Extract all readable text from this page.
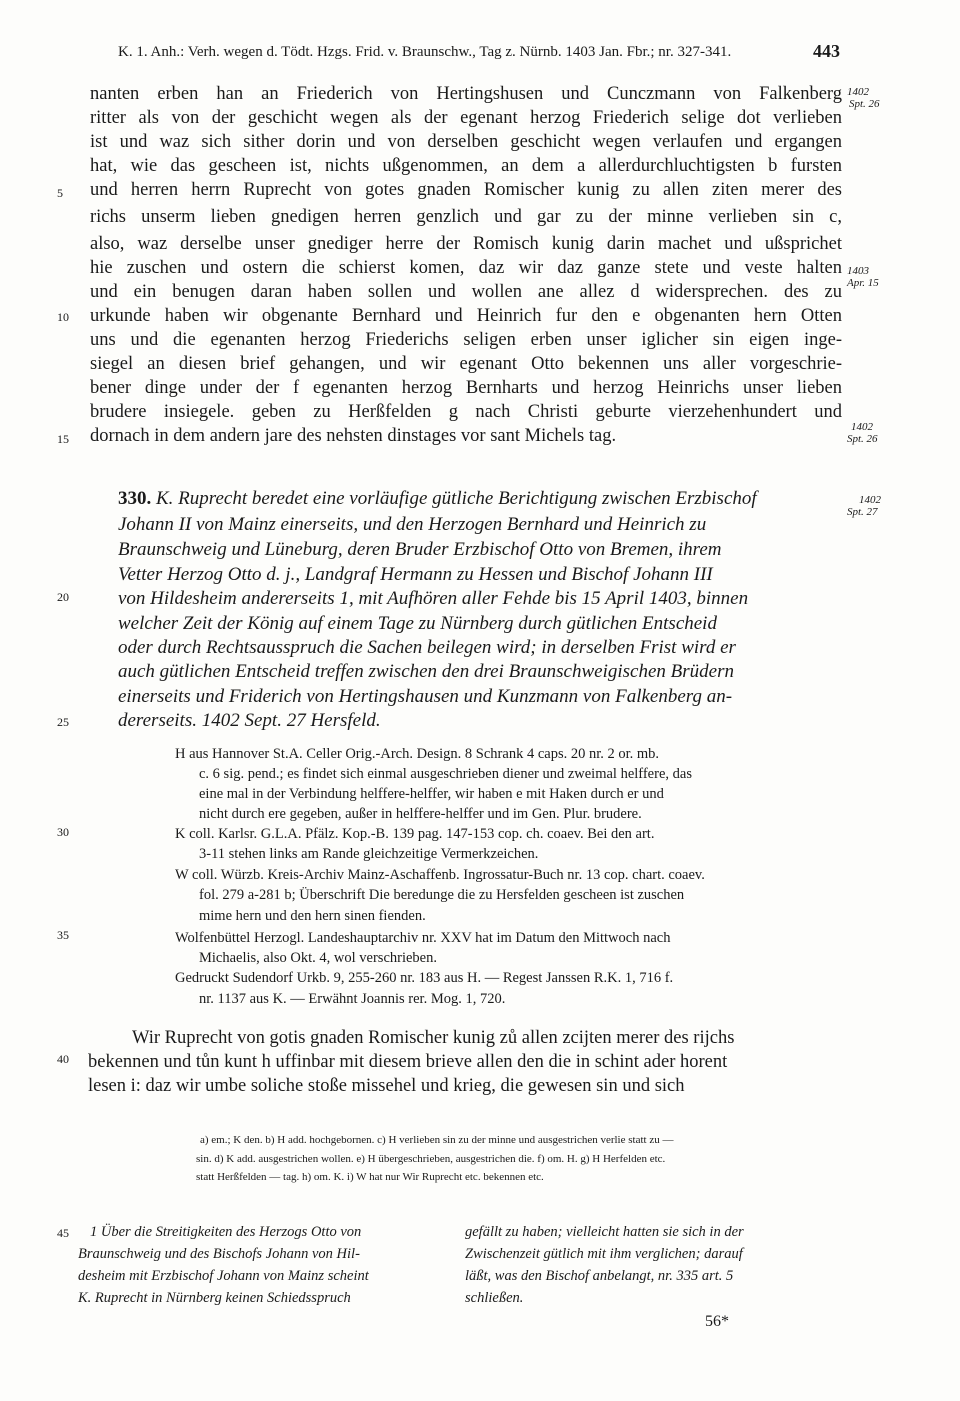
K. 1. Anh.: Verh. wegen d. Tödt. Hzgs. Frid. v. Braunschw., Tag z. Nürnb. 1403 Jan. Fbr.; nr. 327-341.	443
nanten erben han an Friederich von Hertingshusen und Cunczmann von Falkenberg
ritter als von der geschicht wegen als der egenant herzog Friederich selige dot verlieben
ist und waz sich sither dorin und von derselben geschicht wegen verlaufen und ergangen
hat, wie das gescheen ist, nichts ußgenommen, an dem a allerdurchluchtigsten b fursten
und herren herrn Ruprecht von gotes gnaden Romischer kunig zu allen ziten merer des
richs unserm lieben gnedigen herren genzlich und gar zu der minne verlieben sin c,
also, waz derselbe unser gnediger herre der Romisch kunig darin machet und ußsprichet
hie zuschen und ostern die schierst komen, daz wir daz ganze stete und veste halten
und ein benugen daran haben sollen und wollen ane allez d widersprechen. des zu
urkunde haben wir obgenante Bernhard und Heinrich fur den e obgenanten hern Otten
uns und die egenanten herzog Friederichs seligen erben unser iglicher sin eigen inge-
siegel an diesen brief gehangen, und wir egenant Otto bekennen uns aller vorgeschrie-
bener dinge under der f egenanten herzog Bernharts und herzog Heinrichs unser lieben
brudere insiegele. geben zu Herßfelden g nach Christi geburte vierzehenhundert und
dornach in dem andern jare des nehsten dinstages vor sant Michels tag.
5
10
15
20
25
30
35
40
45
1402
Spt. 26
1403
Apr. 15
1402
Spt. 26
1402
Spt. 27
330. K. Ruprecht beredet eine vorläufige gütliche Berichtigung zwischen Erzbischof
Johann II von Mainz einerseits, und den Herzogen Bernhard und Heinrich zu
Braunschweig und Lüneburg, deren Bruder Erzbischof Otto von Bremen, ihrem
Vetter Herzog Otto d. j., Landgraf Hermann zu Hessen und Bischof Johann III
von Hildesheim andererseits 1, mit Aufhören aller Fehde bis 15 April 1403, binnen
welcher Zeit der König auf einem Tage zu Nürnberg durch gütlichen Entscheid
oder durch Rechtsausspruch die Sachen beilegen wird; in derselben Frist wird er
auch gütlichen Entscheid treffen zwischen den drei Braunschweigischen Brüdern
einerseits und Friderich von Hertingshausen und Kunzmann von Falkenberg an-
dererseits. 1402 Sept. 27 Hersfeld.
H aus Hannover St.A. Celler Orig.-Arch. Design. 8 Schrank 4 caps. 20 nr. 2 or. mb.
c. 6 sig. pend.; es findet sich einmal ausgeschrieben diener und zweimal helffere, das
eine mal in der Verbindung helffere-helffer, wir haben e mit Haken durch er und
nicht durch ere gegeben, außer in helffere-helffer und im Gen. Plur. brudere.
K coll. Karlsr. G.L.A. Pfälz. Kop.-B. 139 pag. 147-153 cop. ch. coaev. Bei den art.
3-11 stehen links am Rande gleichzeitige Vermerkzeichen.
W coll. Würzb. Kreis-Archiv Mainz-Aschaffenb. Ingrossatur-Buch nr. 13 cop. chart. coaev.
fol. 279 a-281 b; Überschrift Die beredunge die zu Hersfelden gescheen ist zuschen
mime hern und den hern sinen fienden.
Wolfenbüttel Herzogl. Landeshauptarchiv nr. XXV hat im Datum den Mittwoch nach
Michaelis, also Okt. 4, wol verschrieben.
Gedruckt Sudendorf Urkb. 9, 255-260 nr. 183 aus H. — Regest Janssen R.K. 1, 716 f.
nr. 1137 aus K. — Erwähnt Joannis rer. Mog. 1, 720.
Wir Ruprecht von gotis gnaden Romischer kunig zů allen zcijten merer des rijchs
bekennen und tůn kunt h uffinbar mit diesem brieve allen den die in schint ader horent
lesen i: daz wir umbe soliche stoße missehel und krieg, die gewesen sin und sich
a) em.; K den. b) H add. hochgebornen. c) H verlieben sin zu der minne und ausgestrichen verlie statt zu —
sin. d) K add. ausgestrichen wollen. e) H übergeschrieben, ausgestrichen die. f) om. H. g) H Herfelden etc.
statt Herßfelden — tag. h) om. K. i) W hat nur Wir Ruprecht etc. bekennen etc.
1 Über die Streitigkeiten des Herzogs Otto von
Braunschweig und des Bischofs Johann von Hil-
desheim mit Erzbischof Johann von Mainz scheint
K. Ruprecht in Nürnberg keinen Schiedsspruch
gefällt zu haben; vielleicht hatten sie sich in der
Zwischenzeit gütlich mit ihm verglichen; darauf
läßt, was den Bischof anbelangt, nr. 335 art. 5
schließen.
56*
